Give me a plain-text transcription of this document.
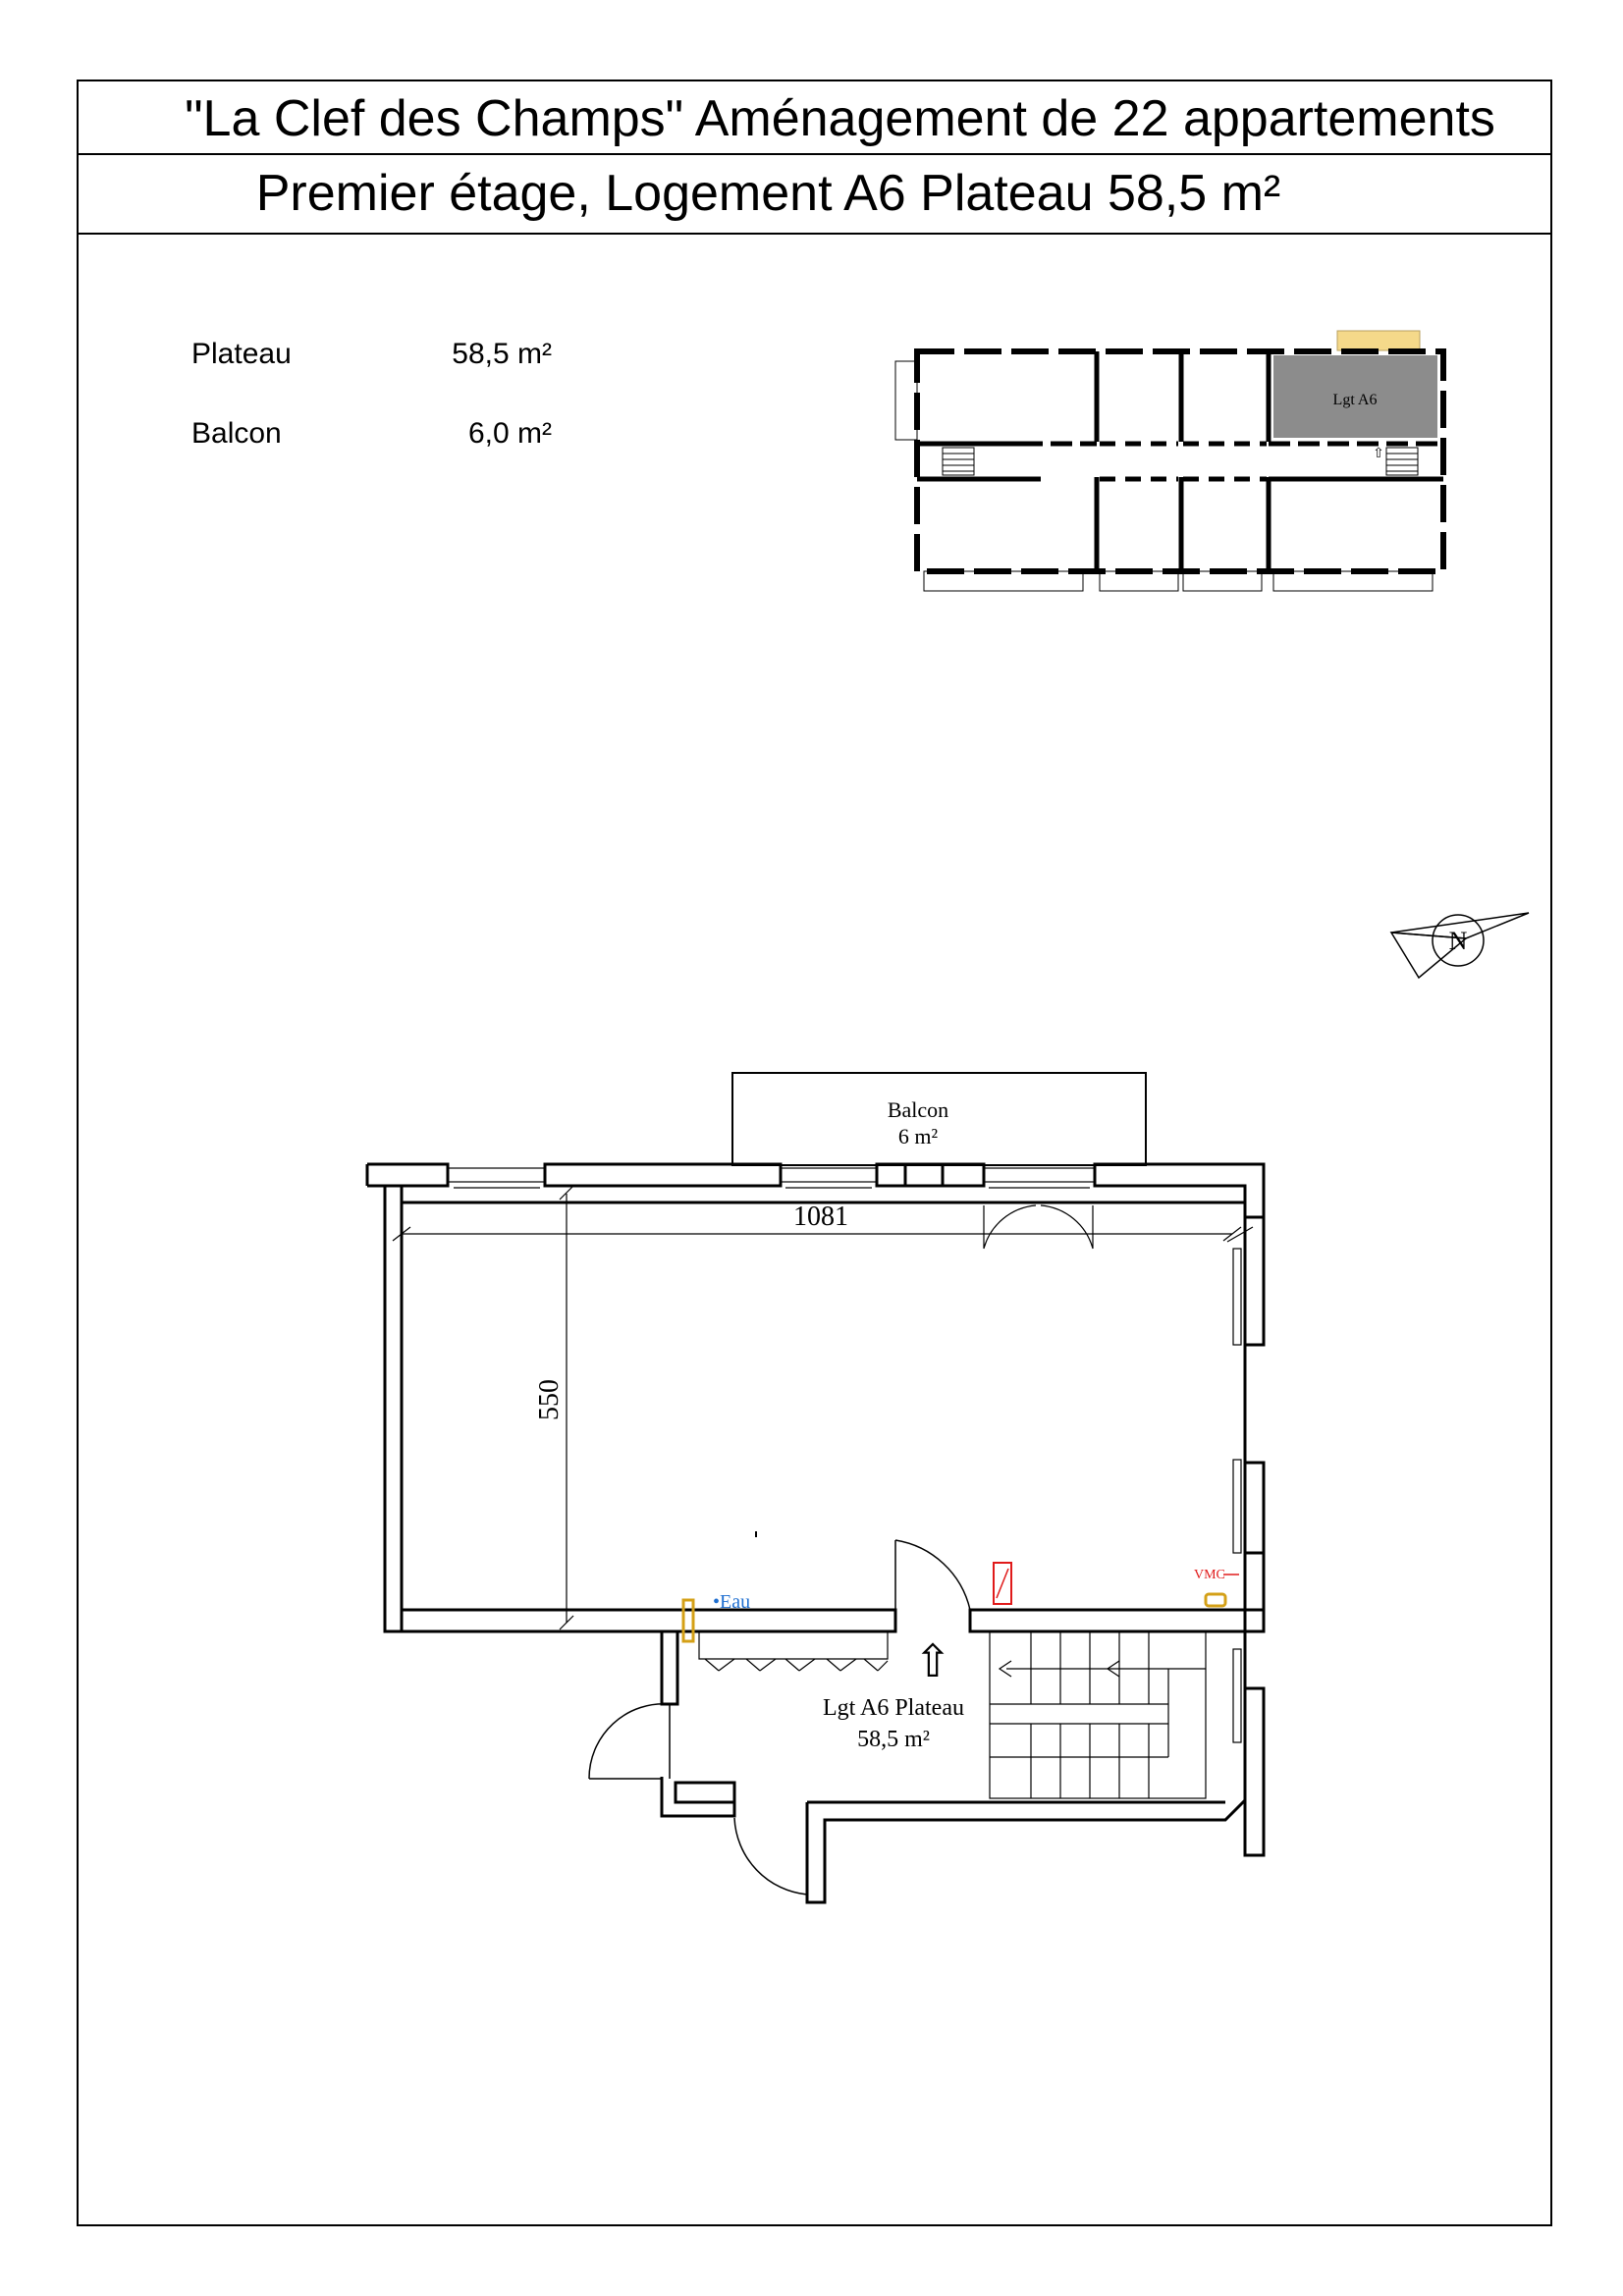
Lgt A6
⇧
N
Balcon
6 m²
1081
550
•Eau
VMC
⇧
Lgt A6 Plateau
58,5 m²
"La Clef des Champs" Aménagement de 22 appartements
Premier étage, Logement A6 Plateau 58,5 m²
Plateau	58,5 m²
Balcon	6,0 m²
